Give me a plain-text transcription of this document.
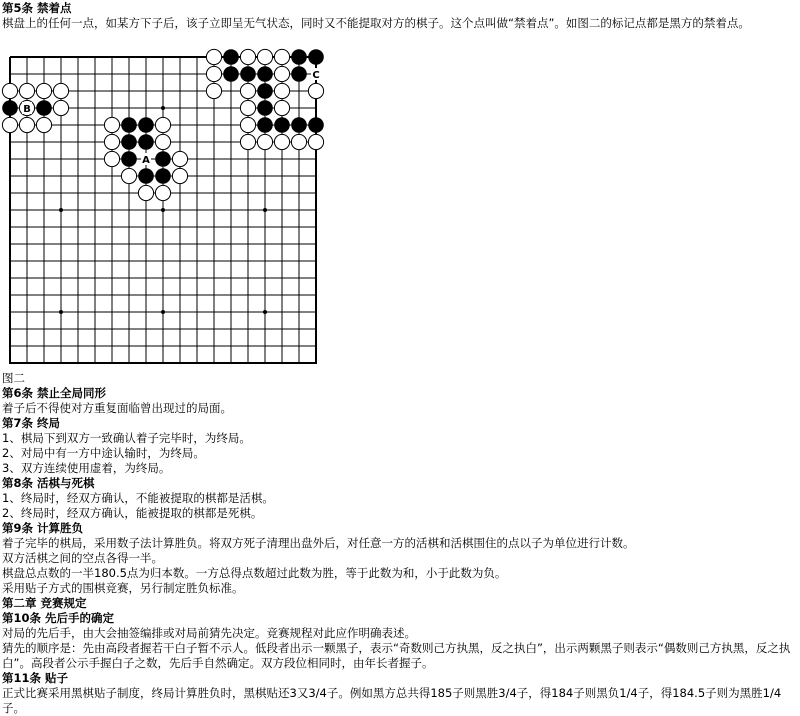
第5条 禁着点
棋盘上的任何一点，如某方下子后，该子立即呈无气状态，同时又不能提取对方的棋子。这个点叫做“禁着点”。如图二的标记点都是黑方的禁着点。
A
B
C
图二
第6条 禁止全局同形
着子后不得使对方重复面临曾出现过的局面。
第7条 终局
1、棋局下到双方一致确认着子完毕时，为终局。
2、对局中有一方中途认输时，为终局。
3、双方连续使用虚着，为终局。
第8条 活棋与死棋
1、终局时，经双方确认，不能被提取的棋都是活棋。
2、终局时，经双方确认，能被提取的棋都是死棋。
第9条 计算胜负
着子完毕的棋局，采用数子法计算胜负。将双方死子清理出盘外后，对任意一方的活棋和活棋围住的点以子为单位进行计数。
双方活棋之间的空点各得一半。
棋盘总点数的一半180.5点为归本数。一方总得点数超过此数为胜，等于此数为和，小于此数为负。
采用贴子方式的围棋竞赛，另行制定胜负标准。
第二章 竞赛规定
第10条 先后手的确定
对局的先后手，由大会抽签编排或对局前猜先决定。竞赛规程对此应作明确表述。
猜先的顺序是：先由高段者握若干白子暂不示人。低段者出示一颗黑子，表示“奇数则己方执黑，反之执白”，出示两颗黑子则表示“偶数则己方执黑，反之执白”。高段者公示手握白子之数，先后手自然确定。双方段位相同时，由年长者握子。
第11条 贴子
正式比赛采用黑棋贴子制度，终局计算胜负时，黑棋贴还3又3/4子。例如黑方总共得185子则黑胜3/4子，得184子则黑负1/4子，得184.5子则为黑胜1/4子。
